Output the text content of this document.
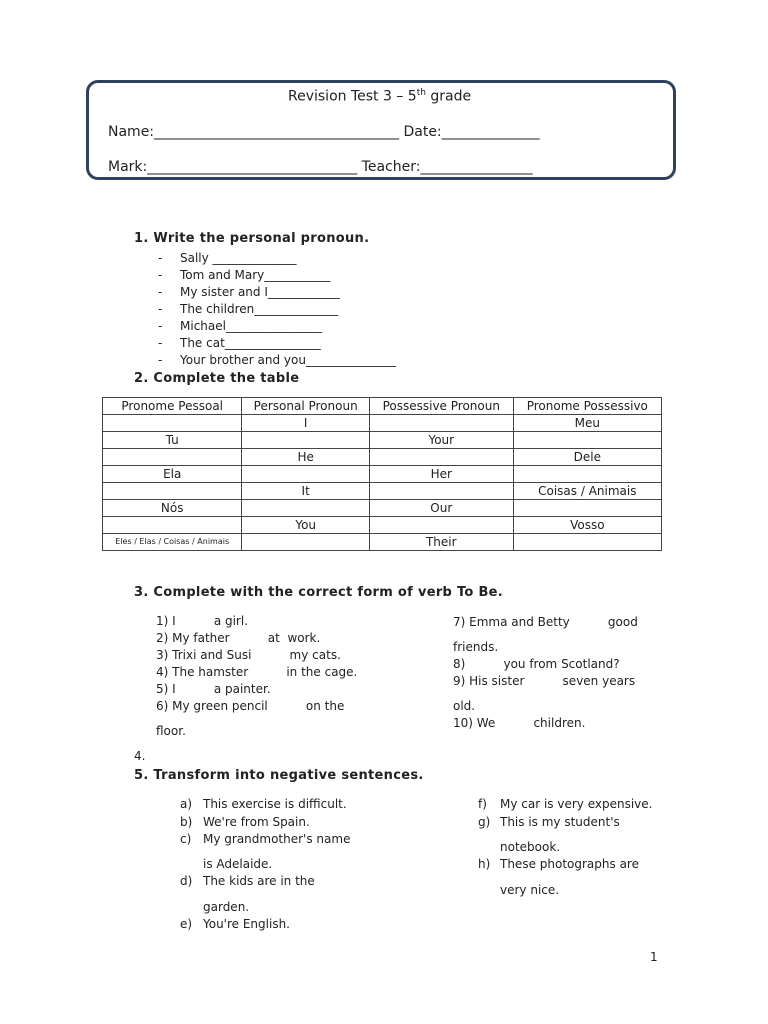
Revision Test 3 – 5th grade
Name:___________________________________ Date:______________
Mark:______________________________ Teacher:________________
1. Write the personal pronoun.
- Sally ______________
- Tom and Mary___________
- My sister and I____________
- The children______________
- Michael________________
- The cat________________
- Your brother and you_______________
2. Complete the table
Pronome Pessoal	Personal Pronoun	Possessive Pronoun	Pronome Possessivo
	I		Meu
Tu		Your	
	He		Dele
Ela		Her	
	It		Coisas / Animais
Nós		Our	
	You		Vosso
Eles / Elas / Coisas / Animais		Their	
3. Complete with the correct form of verb To Be.
1) I          a girl.
2) My father          at  work.
3) Trixi and Susi          my cats.
4) The hamster          in the cage.
5) I          a painter.
6) My green pencil          on the
floor.
7) Emma and Betty          good
friends.
8)          you from Scotland?
9) His sister          seven years
old.
10) We          children.
4.
5. Transform into negative sentences.
a) This exercise is difficult.
b) We're from Spain.
c) My grandmother's name
is Adelaide.
d) The kids are in the
garden.
e) You're English.
f) My car is very expensive.
g) This is my student's
notebook.
h) These photographs are
very nice.
1
